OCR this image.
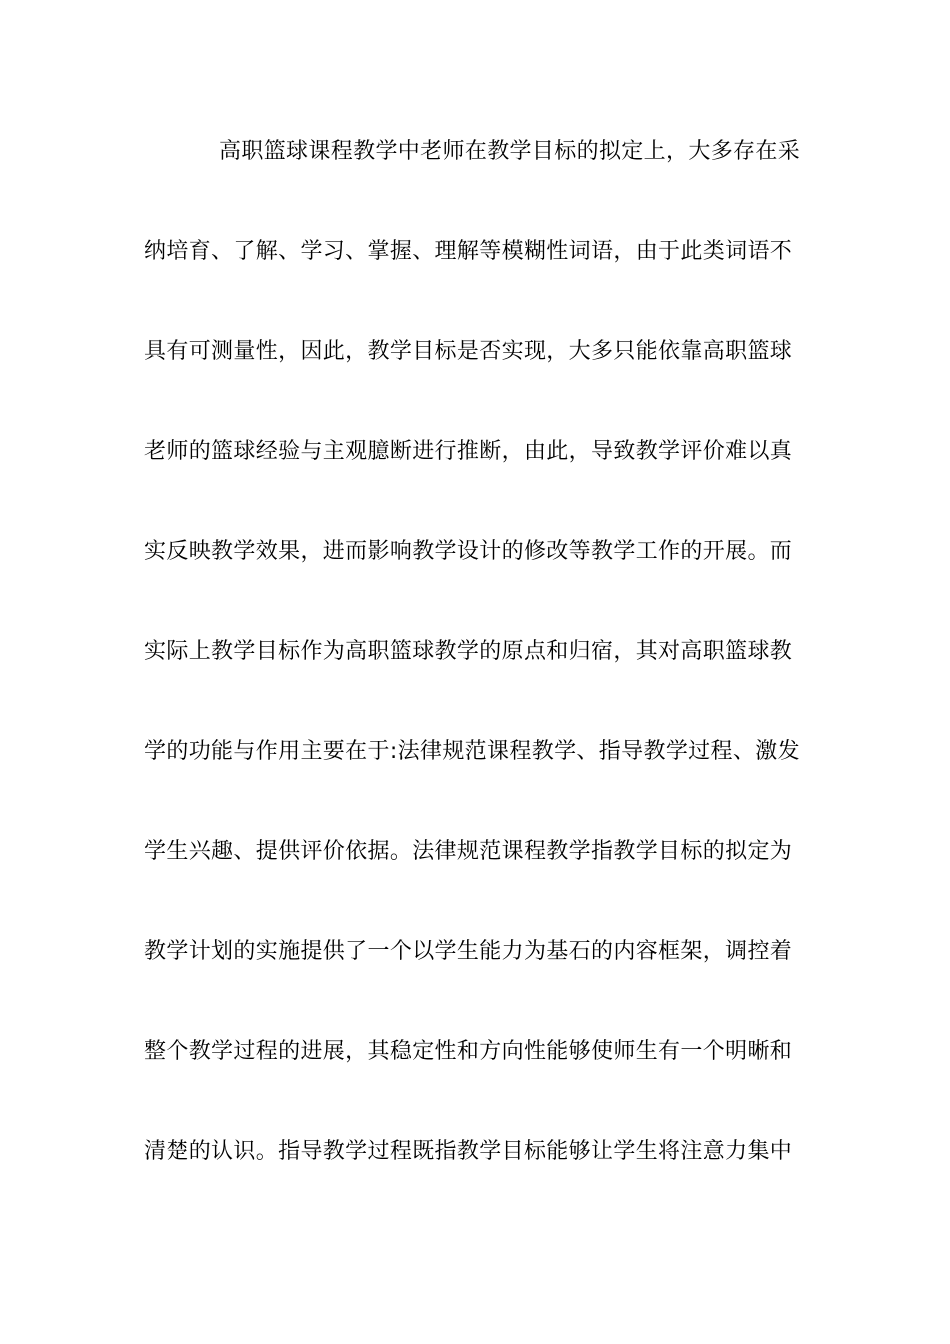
高职篮球课程教学中老师在教学目标的拟定上，大多存在采
纳培育、了解、学习、掌握、理解等模糊性词语，由于此类词语不
具有可测量性，因此，教学目标是否实现，大多只能依靠高职篮球
老师的篮球经验与主观臆断进行推断，由此，导致教学评价难以真
实反映教学效果，进而影响教学设计的修改等教学工作的开展。而
实际上教学目标作为高职篮球教学的原点和归宿，其对高职篮球教
学的功能与作用主要在于:法律规范课程教学、指导教学过程、激发
学生兴趣、提供评价依据。法律规范课程教学指教学目标的拟定为
教学计划的实施提供了一个以学生能力为基石的内容框架，调控着
整个教学过程的进展，其稳定性和方向性能够使师生有一个明晰和
清楚的认识。指导教学过程既指教学目标能够让学生将注意力集中
